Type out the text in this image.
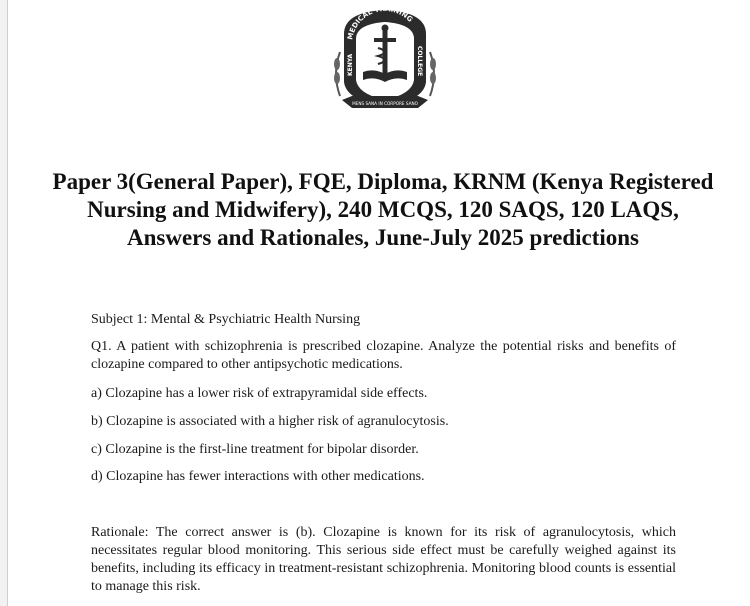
MEDICAL TRAINING
KENYA	COLLEGE
MENS SANA IN CORPORE SANO
Paper 3(General Paper), FQE, Diploma, KRNM (Kenya Registered Nursing and Midwifery), 240 MCQS, 120 SAQS, 120 LAQS, Answers and Rationales, June-July 2025 predictions
Subject 1: Mental & Psychiatric Health Nursing
Q1. A patient with schizophrenia is prescribed clozapine. Analyze the potential risks and benefits of clozapine compared to other antipsychotic medications.
a) Clozapine has a lower risk of extrapyramidal side effects.
b) Clozapine is associated with a higher risk of agranulocytosis.
c) Clozapine is the first-line treatment for bipolar disorder.
d) Clozapine has fewer interactions with other medications.
Rationale: The correct answer is (b). Clozapine is known for its risk of agranulocytosis, which necessitates regular blood monitoring. This serious side effect must be carefully weighed against its benefits, including its efficacy in treatment-resistant schizophrenia. Monitoring blood counts is essential to manage this risk.
